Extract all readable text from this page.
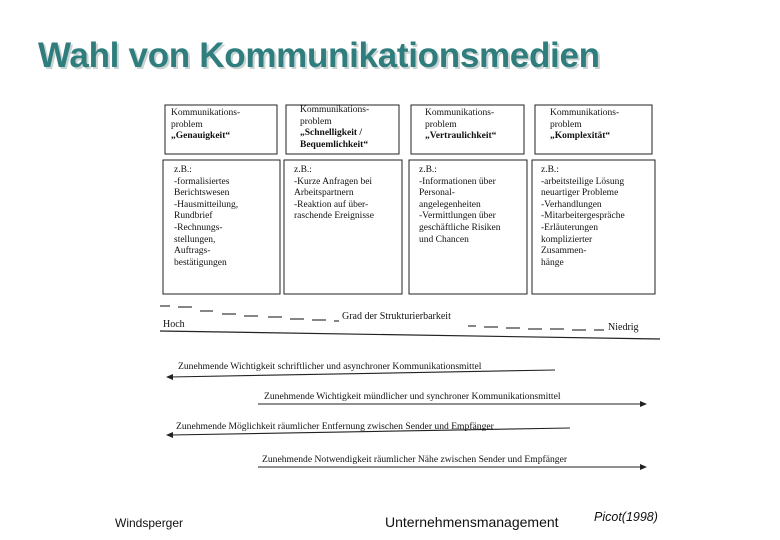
Wahl von Kommunikationsmedien
Kommunikations-
problem
„Genauigkeit“
Kommunikations-
problem
„Schnelligkeit /
Bequemlichkeit“
Kommunikations-
problem
„Vertraulichkeit“
Kommunikations-
problem
„Komplexität“
z.B.:
-formalisiertes
Berichtswesen
-Hausmitteilung,
Rundbrief
-Rechnungs-
stellungen,
Auftrags-
bestätigungen
z.B.:
-Kurze Anfragen bei
Arbeitspartnern
-Reaktion auf über-
raschende Ereignisse
z.B.:
-Informationen über
Personal-
angelegenheiten
-Vermittlungen über
geschäftliche Risiken
und Chancen
z.B.:
-arbeitsteilige Lösung
neuartiger Probleme
-Verhandlungen
-Mitarbeitergespräche
-Erläuterungen
komplizierter
Zusammen-
hänge
Grad der Strukturierbarkeit
Hoch	Niedrig
Zunehmende Wichtigkeit schriftlicher und asynchroner Kommunikationsmittel
Zunehmende Wichtigkeit mündlicher und synchroner Kommunikationsmittel
Zunehmende Möglichkeit räumlicher Entfernung zwischen Sender und Empfänger
Zunehmende Notwendigkeit räumlicher Nähe zwischen Sender und Empfänger
Windsperger	Unternehmensmanagement	Picot(1998)
